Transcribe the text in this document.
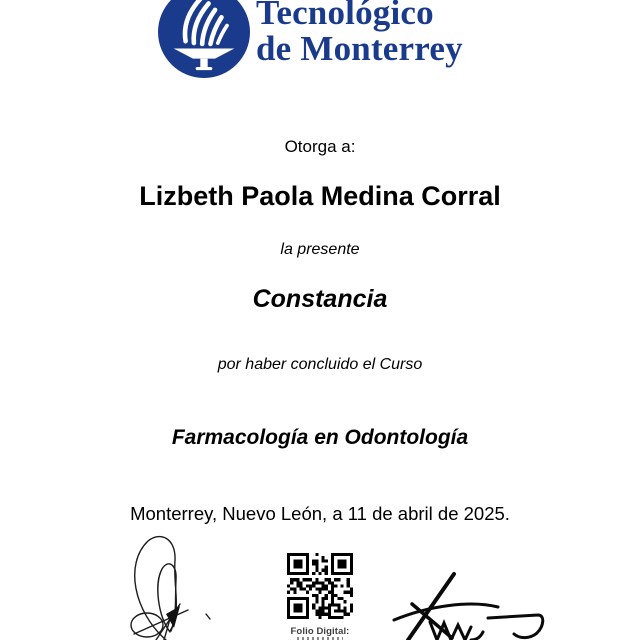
Tecnológico
de Monterrey
Otorga a:
Lizbeth Paola Medina Corral
la presente
Constancia
por haber concluido el Curso
Farmacología en Odontología
Monterrey, Nuevo León, a 11 de abril de 2025.
Folio Digital:
